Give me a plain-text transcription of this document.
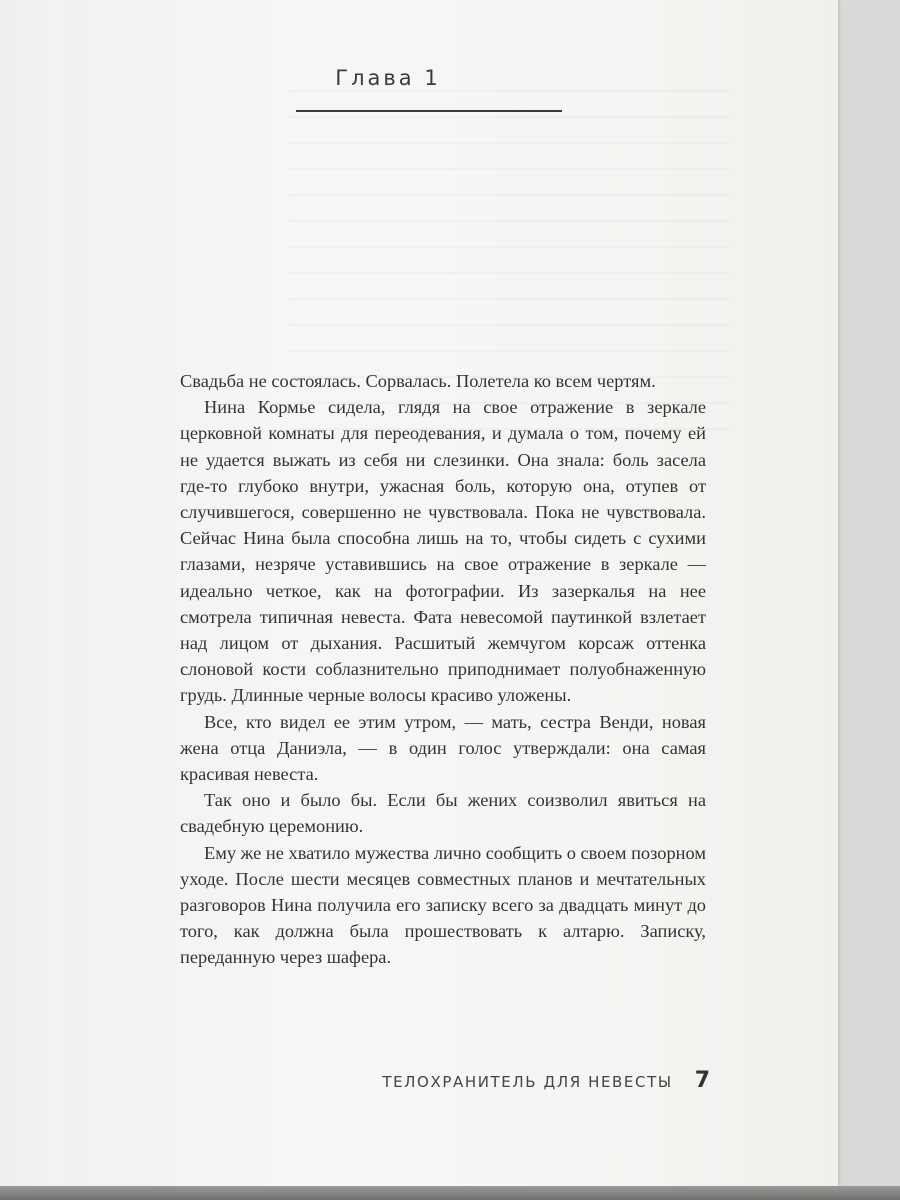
Глава 1

Свадьба не состоялась. Сорвалась. Полетела ко всем чертям.

Нина Кормье сидела, глядя на свое отражение в зеркале церковной комнаты для переодевания, и думала о том, почему ей не удается выжать из себя ни слезинки. Она знала: боль засела где-то глубоко внутри, ужасная боль, которую она, отупев от случившегося, совершенно не чувствовала. Пока не чувствовала. Сейчас Нина была способна лишь на то, чтобы сидеть с сухими глазами, незряче уставившись на свое отражение в зеркале — идеально четкое, как на фотографии. Из зазеркалья на нее смотрела типичная невеста. Фата невесомой паутинкой взлетает над лицом от дыхания. Расшитый жемчугом корсаж оттенка слоновой кости соблазнительно приподнимает полуобнаженную грудь. Длинные черные волосы красиво уложены.

Все, кто видел ее этим утром, — мать, сестра Венди, новая жена отца Даниэла, — в один голос утверждали: она самая красивая невеста.

Так оно и было бы. Если бы жених соизволил явиться на свадебную церемонию.

Ему же не хватило мужества лично сообщить о своем позорном уходе. После шести месяцев совместных планов и мечтательных разговоров Нина получила его записку всего за двадцать минут до того, как должна была прошествовать к алтарю. Записку, переданную через шафера.

ТЕЛОХРАНИТЕЛЬ ДЛЯ НЕВЕСТЫ 7
